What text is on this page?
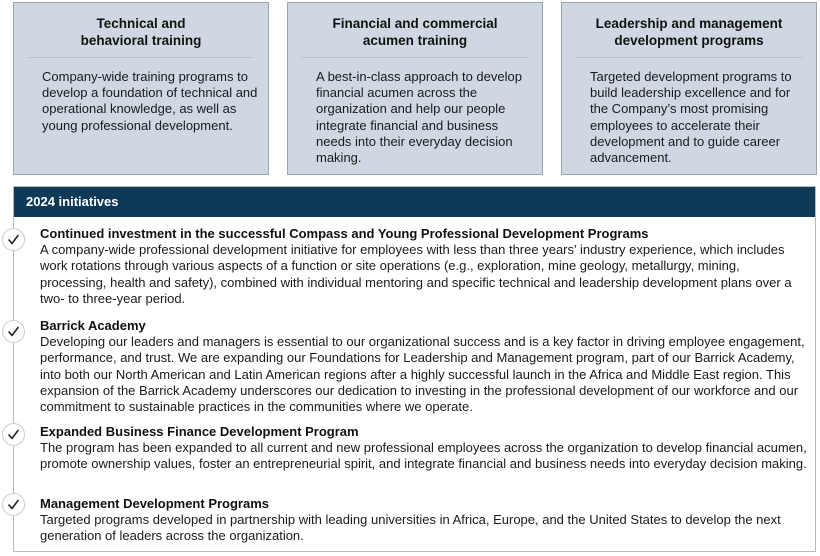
Technical and behavioral training
Company-wide training programs to develop a foundation of technical and operational knowledge, as well as young professional development.
Financial and commercial acumen training
A best-in-class approach to develop financial acumen across the organization and help our people integrate financial and business needs into their everyday decision making.
Leadership and management development programs
Targeted development programs to build leadership excellence and for the Company’s most promising employees to accelerate their development and to guide career advancement.
2024 initiatives
Continued investment in the successful Compass and Young Professional Development Programs
A company-wide professional development initiative for employees with less than three years’ industry experience, which includes work rotations through various aspects of a function or site operations (e.g., exploration, mine geology, metallurgy, mining, processing, health and safety), combined with individual mentoring and specific technical and leadership development plans over a two- to three-year period.
Barrick Academy
Developing our leaders and managers is essential to our organizational success and is a key factor in driving employee engagement, performance, and trust. We are expanding our Foundations for Leadership and Management program, part of our Barrick Academy, into both our North American and Latin American regions after a highly successful launch in the Africa and Middle East region. This expansion of the Barrick Academy underscores our dedication to investing in the professional development of our workforce and our commitment to sustainable practices in the communities where we operate.
Expanded Business Finance Development Program
The program has been expanded to all current and new professional employees across the organization to develop financial acumen, promote ownership values, foster an entrepreneurial spirit, and integrate financial and business needs into everyday decision making.
Management Development Programs
Targeted programs developed in partnership with leading universities in Africa, Europe, and the United States to develop the next generation of leaders across the organization.
